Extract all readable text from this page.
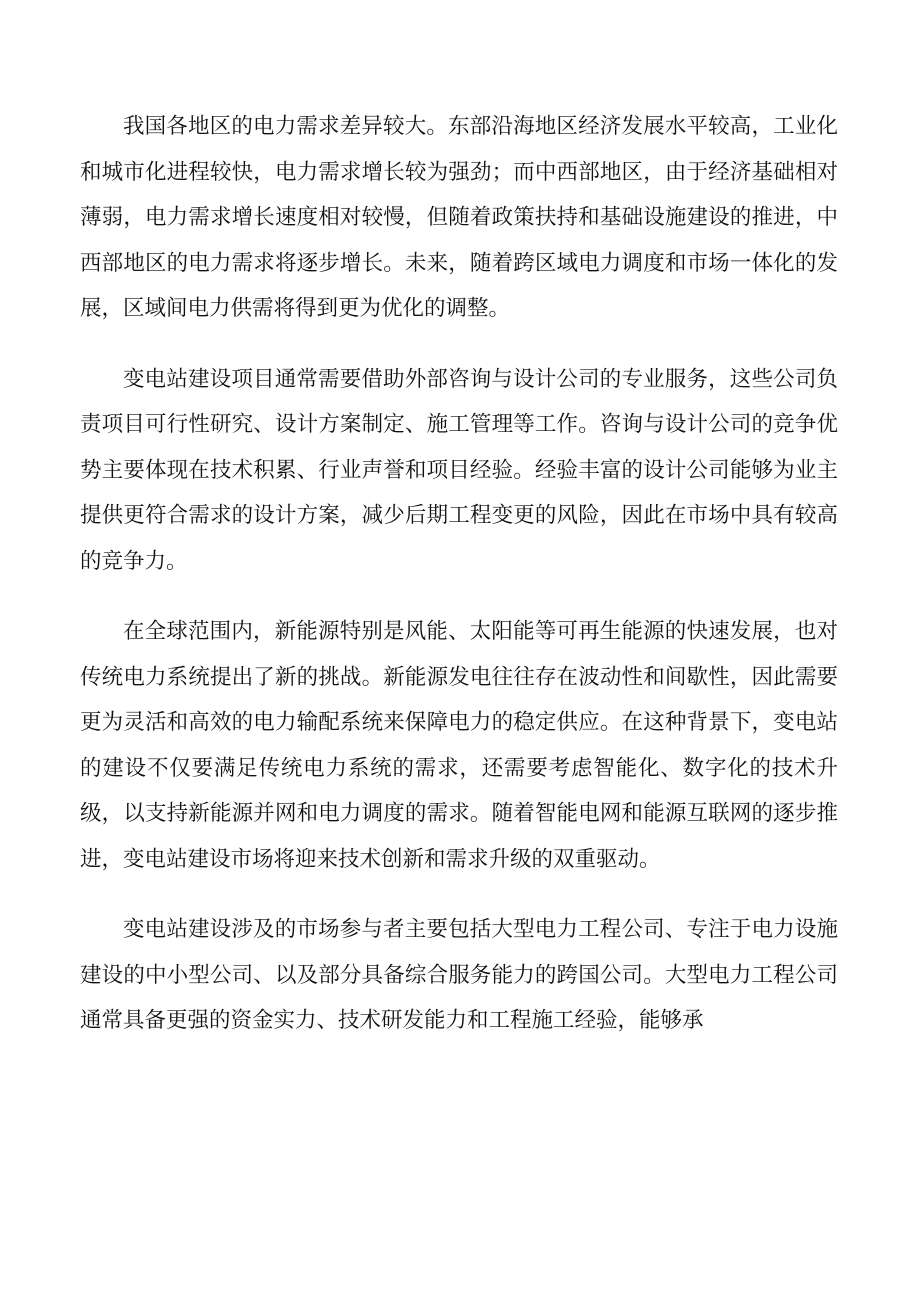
我国各地区的电力需求差异较大。东部沿海地区经济发展水平较高，工业化和城市化进程较快，电力需求增长较为强劲；而中西部地区，由于经济基础相对薄弱，电力需求增长速度相对较慢，但随着政策扶持和基础设施建设的推进，中西部地区的电力需求将逐步增长。未来，随着跨区域电力调度和市场一体化的发展，区域间电力供需将得到更为优化的调整。

变电站建设项目通常需要借助外部咨询与设计公司的专业服务，这些公司负责项目可行性研究、设计方案制定、施工管理等工作。咨询与设计公司的竞争优势主要体现在技术积累、行业声誉和项目经验。经验丰富的设计公司能够为业主提供更符合需求的设计方案，减少后期工程变更的风险，因此在市场中具有较高的竞争力。

在全球范围内，新能源特别是风能、太阳能等可再生能源的快速发展，也对传统电力系统提出了新的挑战。新能源发电往往存在波动性和间歇性，因此需要更为灵活和高效的电力输配系统来保障电力的稳定供应。在这种背景下，变电站的建设不仅要满足传统电力系统的需求，还需要考虑智能化、数字化的技术升级，以支持新能源并网和电力调度的需求。随着智能电网和能源互联网的逐步推进，变电站建设市场将迎来技术创新和需求升级的双重驱动。

变电站建设涉及的市场参与者主要包括大型电力工程公司、专注于电力设施建设的中小型公司、以及部分具备综合服务能力的跨国公司。大型电力工程公司通常具备更强的资金实力、技术研发能力和工程施工经验，能够承
